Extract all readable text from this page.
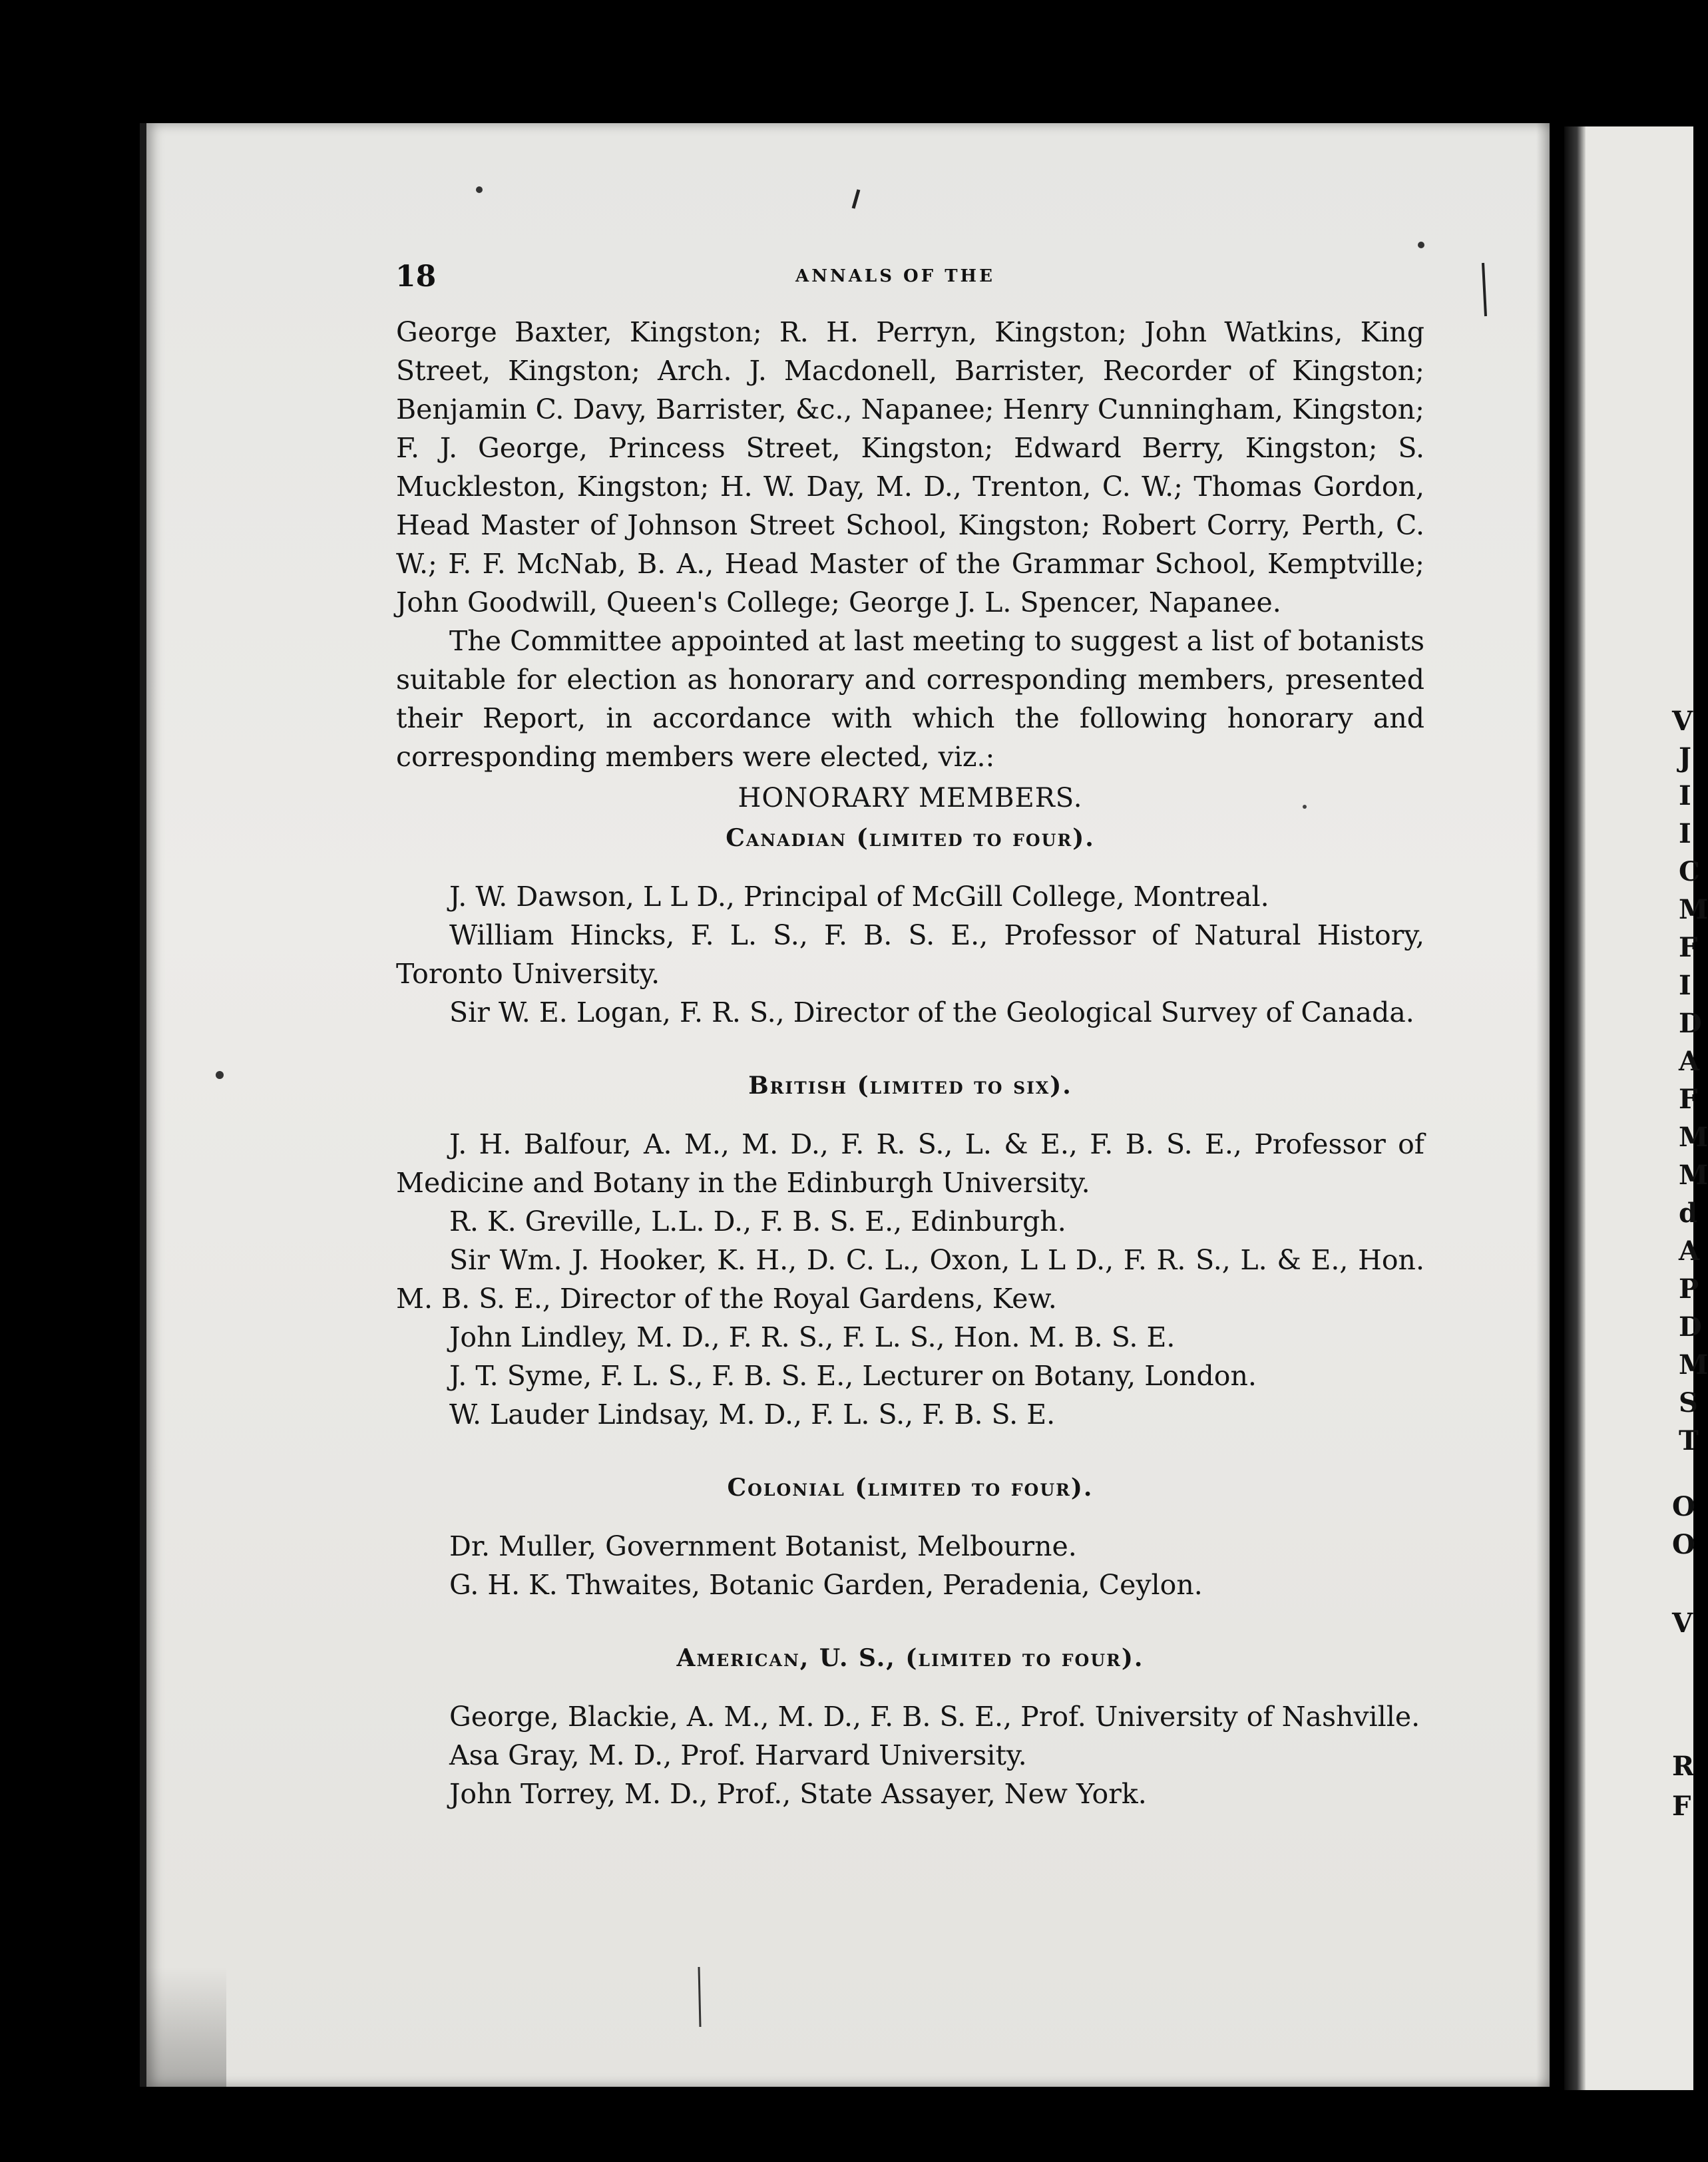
V
J
I
I
C
M
F
I
D
A
F
M
M
d
A
P
D
M
S
T
O
O
V
R
F
18	ANNALS OF THE

George Baxter, Kingston; R. H. Perryn, Kingston; John Watkins, King Street, Kingston; Arch. J. Macdonell, Barrister, Recorder of Kingston; Benjamin C. Davy, Barrister, &c., Napanee; Henry Cunningham, Kingston; F. J. George, Princess Street, Kingston; Edward Berry, Kingston; S. Muckleston, Kingston; H. W. Day, M. D., Trenton, C. W.; Thomas Gordon, Head Master of Johnson Street School, Kingston; Robert Corry, Perth, C. W.; F. F. McNab, B. A., Head Master of the Grammar School, Kemptville; John Goodwill, Queen's College; George J. L. Spencer, Napanee.

The Committee appointed at last meeting to suggest a list of botanists suitable for election as honorary and corresponding members, presented their Report, in accordance with which the following honorary and corresponding members were elected, viz.:

HONORARY MEMBERS.
Canadian (limited to four).

J. W. Dawson, L L D., Principal of McGill College, Montreal.

William Hincks, F. L. S., F. B. S. E., Professor of Natural History, Toronto University.

Sir W. E. Logan, F. R. S., Director of the Geological Survey of Canada.

British (limited to six).

J. H. Balfour, A. M., M. D., F. R. S., L. & E., F. B. S. E., Professor of Medicine and Botany in the Edinburgh University.

R. K. Greville, L.L. D., F. B. S. E., Edinburgh.

Sir Wm. J. Hooker, K. H., D. C. L., Oxon, L L D., F. R. S., L. & E., Hon. M. B. S. E., Director of the Royal Gardens, Kew.

John Lindley, M. D., F. R. S., F. L. S., Hon. M. B. S. E.

J. T. Syme, F. L. S., F. B. S. E., Lecturer on Botany, London.

W. Lauder Lindsay, M. D., F. L. S., F. B. S. E.

Colonial (limited to four).

Dr. Muller, Government Botanist, Melbourne.

G. H. K. Thwaites, Botanic Garden, Peradenia, Ceylon.

American, U. S., (limited to four).

George, Blackie, A. M., M. D., F. B. S. E., Prof. University of Nashville.

Asa Gray, M. D., Prof. Harvard University.

John Torrey, M. D., Prof., State Assayer, New York.
